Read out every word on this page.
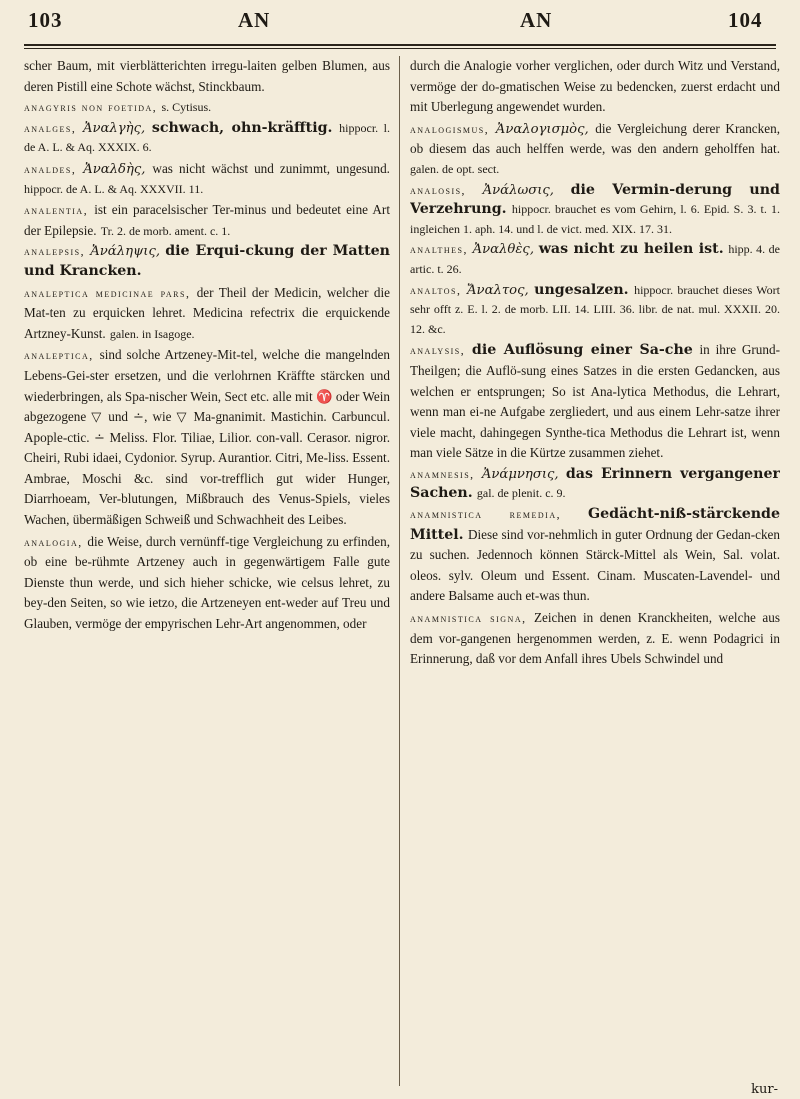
103	AN	AN	104

scher Baum, mit vierblätterichten irregu-laiten gelben Blumen, aus deren Pistill eine Schote wächst, Stinckbaum.

anagyris non foetida, s. Cytisus.

analges, Ἀναλγὴς, schwach, ohn-kräfftig. hippocr. l. de A. L. & Aq. XXXIX. 6.

analdes, Ἀναλδὴς, was nicht wächst und zunimmt, ungesund. hippocr. de A. L. & Aq. XXXVII. 11.

analentia, ist ein paracelsischer Ter-minus und bedeutet eine Art der Epilepsie. Tr. 2. de morb. ament. c. 1.

analepsis, Ἀνάληψις, die Erqui-ckung der Matten und Krancken.

analeptica medicinae pars, der Theil der Medicin, welcher die Mat-ten zu erquicken lehret. Medicina refectrix die erquickende Artzney-Kunst. galen. in Isagoge.

analeptica, sind solche Artzeney-Mit-tel, welche die mangelnden Lebens-Gei-ster ersetzen, und die verlohrnen Kräffte stärcken und wiederbringen, als Spa-nischer Wein, Sect etc. alle mit ♈ oder Wein abgezogene ▽ und ∸, wie ▽ Ma-gnanimit. Mastichin. Carbuncul. Apople-ctic. ∸ Meliss. Flor. Tiliae, Lilior. con-vall. Cerasor. nigror. Cheiri, Rubi idaei, Cydonior. Syrup. Aurantior. Citri, Me-liss. Essent. Ambrae, Moschi &c. sind vor-trefflich gut wider Hunger, Diarrhoeam, Ver-blutungen, Mißbrauch des Venus-Spiels, vieles Wachen, übermäßigen Schweiß und Schwachheit des Leibes.

analogia, die Weise, durch vernünff-tige Vergleichung zu erfinden, ob eine be-rühmte Artzeney auch in gegenwärtigem Falle gute Dienste thun werde, und sich hieher schicke, wie celsus lehret, zu bey-den Seiten, so wie ietzo, die Artzeneyen ent-weder auf Treu und Glauben, vermöge der empyrischen Lehr-Art angenommen, oder

durch die Analogie vorher verglichen, oder durch Witz und Verstand, vermöge der do-gmatischen Weise zu bedencken, zuerst erdacht und mit Uberlegung angewendet wurden.

analogismus, Ἀναλογισμὸς, die Vergleichung derer Krancken, ob diesem das auch helffen werde, was den andern geholffen hat. galen. de opt. sect.

analosis, Ἀνάλωσις, die Vermin-derung und Verzehrung. hippocr. brauchet es vom Gehirn, l. 6. Epid. S. 3. t. 1. ingleichen 1. aph. 14. und l. de vict. med. XIX. 17. 31.

analthes, Ἀναλθὲς, was nicht zu heilen ist. hipp. 4. de artic. t. 26.

analtos, Ἄναλτος, ungesalzen. hippocr. brauchet dieses Wort sehr offt z. E. l. 2. de morb. LII. 14. LIII. 36. libr. de nat. mul. XXXII. 20. 12. &c.

analysis, die Auflösung einer Sa-che in ihre Grund-Theilgen; die Auflö-sung eines Satzes in die ersten Gedancken, aus welchen er entsprungen; So ist Ana-lytica Methodus, die Lehrart, wenn man ei-ne Aufgabe zergliedert, und aus einem Lehr-satze ihrer viele macht, dahingegen Synthe-tica Methodus die Lehrart ist, wenn man viele Sätze in die Kürtze zusammen ziehet.

anamnesis, Ἀνάμνησις, das Erinnern vergangener Sachen. gal. de plenit. c. 9.

anamnistica remedia, Gedächt-niß-stärckende Mittel. Diese sind vor-nehmlich in guter Ordnung der Gedan-cken zu suchen. Jedennoch können Stärck-Mittel als Wein, Sal. volat. oleos. sylv. Oleum und Essent. Cinam. Muscaten-Lavendel- und andere Balsame auch et-was thun.

anamnistica signa, Zeichen in denen Kranckheiten, welche aus dem vor-gangenen hergenommen werden, z. E. wenn Podagrici in Erinnerung, daß vor dem Anfall ihres Ubels Schwindel und

kur-
